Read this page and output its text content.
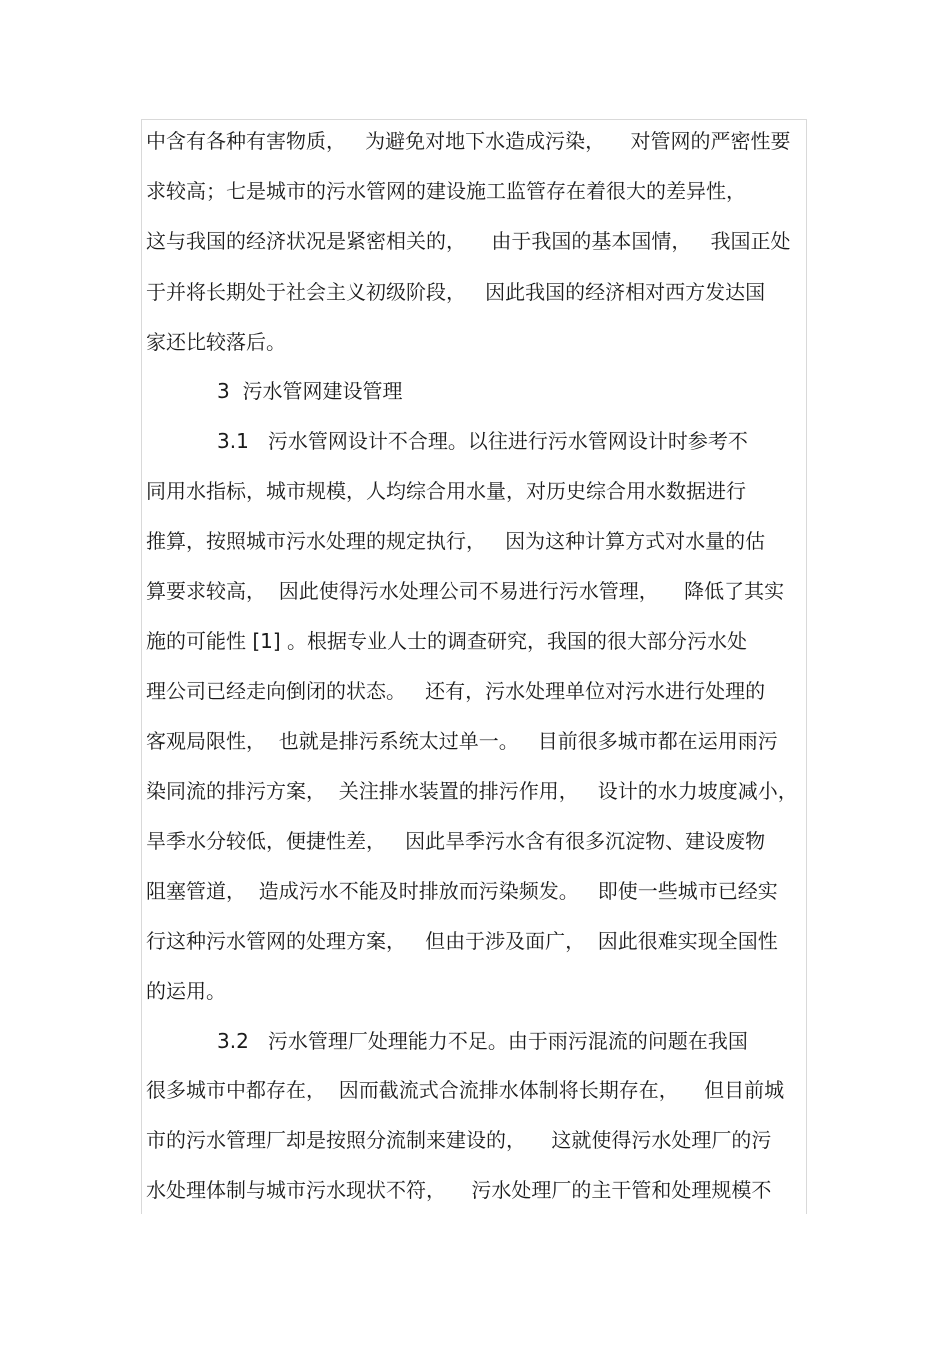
中含有各种有害物质，   为避免对地下水造成污染，    对管网的严密性要
求较高；七是城市的污水管网的建设施工监管存在着很大的差异性，
这与我国的经济状况是紧密相关的，    由于我国的基本国情，   我国正处
于并将长期处于社会主义初级阶段，   因此我国的经济相对西方发达国
家还比较落后。
3  污水管网建设管理
3.1   污水管网设计不合理。以往进行污水管网设计时参考不
同用水指标，城市规模，人均综合用水量，对历史综合用水数据进行
推算，按照城市污水处理的规定执行，   因为这种计算方式对水量的估
算要求较高，  因此使得污水处理公司不易进行污水管理，    降低了其实
施的可能性 [1] 。根据专业人士的调查研究，我国的很大部分污水处
理公司已经走向倒闭的状态。   还有，污水处理单位对污水进行处理的
客观局限性，  也就是排污系统太过单一。   目前很多城市都在运用雨污
染同流的排污方案，  关注排水装置的排污作用，   设计的水力坡度减小，
旱季水分较低，便捷性差，   因此旱季污水含有很多沉淀物、建设废物
阻塞管道，  造成污水不能及时排放而污染频发。   即使一些城市已经实
行这种污水管网的处理方案，   但由于涉及面广，  因此很难实现全国性
的运用。
3.2   污水管理厂处理能力不足。由于雨污混流的问题在我国
很多城市中都存在，  因而截流式合流排水体制将长期存在，    但目前城
市的污水管理厂却是按照分流制来建设的，    这就使得污水处理厂的污
水处理体制与城市污水现状不符，    污水处理厂的主干管和处理规模不
